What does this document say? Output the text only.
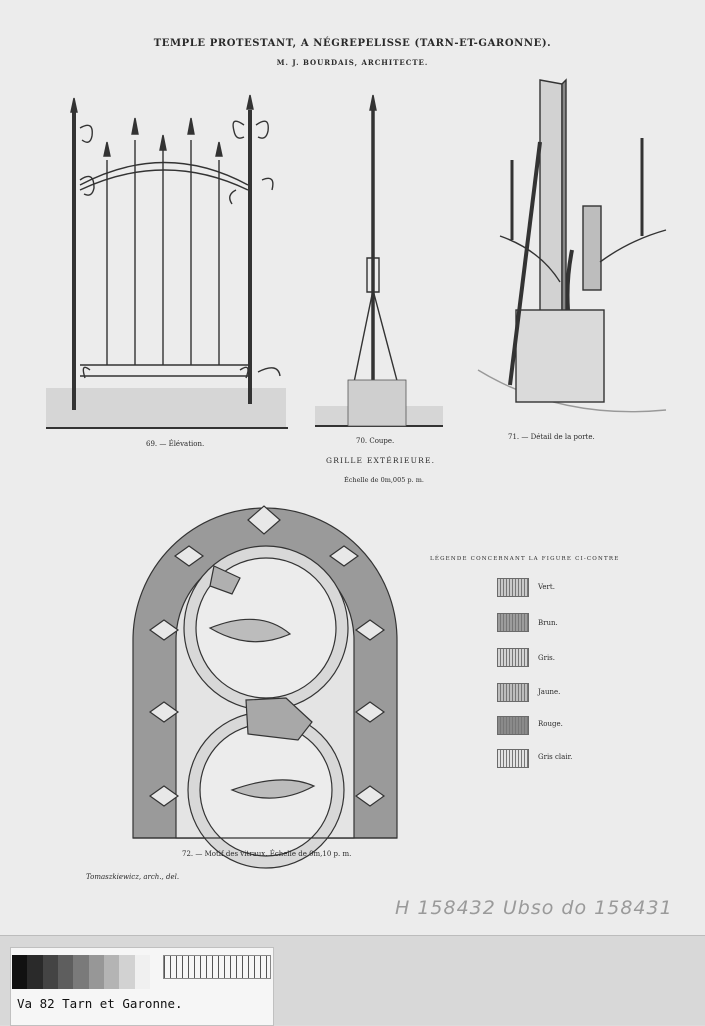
TEMPLE PROTESTANT, A NÉGREPELISSE (TARN-ET-GARONNE).
M. J. BOURDAIS, ARCHITECTE.
69. — Élévation.	70. Coupe.	71. — Détail de la porte.
GRILLE EXTÉRIEURE.
Échelle de 0m,005 p. m.
72. — Motif des vitraux. Échelle de 0m,10 p. m.
Tomaszkiewicz, arch., del.
LÉGENDE CONCERNANT LA FIGURE CI-CONTRE
Vert.
Brun.
Gris.
Jaune.
Rouge.
Gris clair.
H 158432 Ubso do 158431
Va 82 Tarn et Garonne.
